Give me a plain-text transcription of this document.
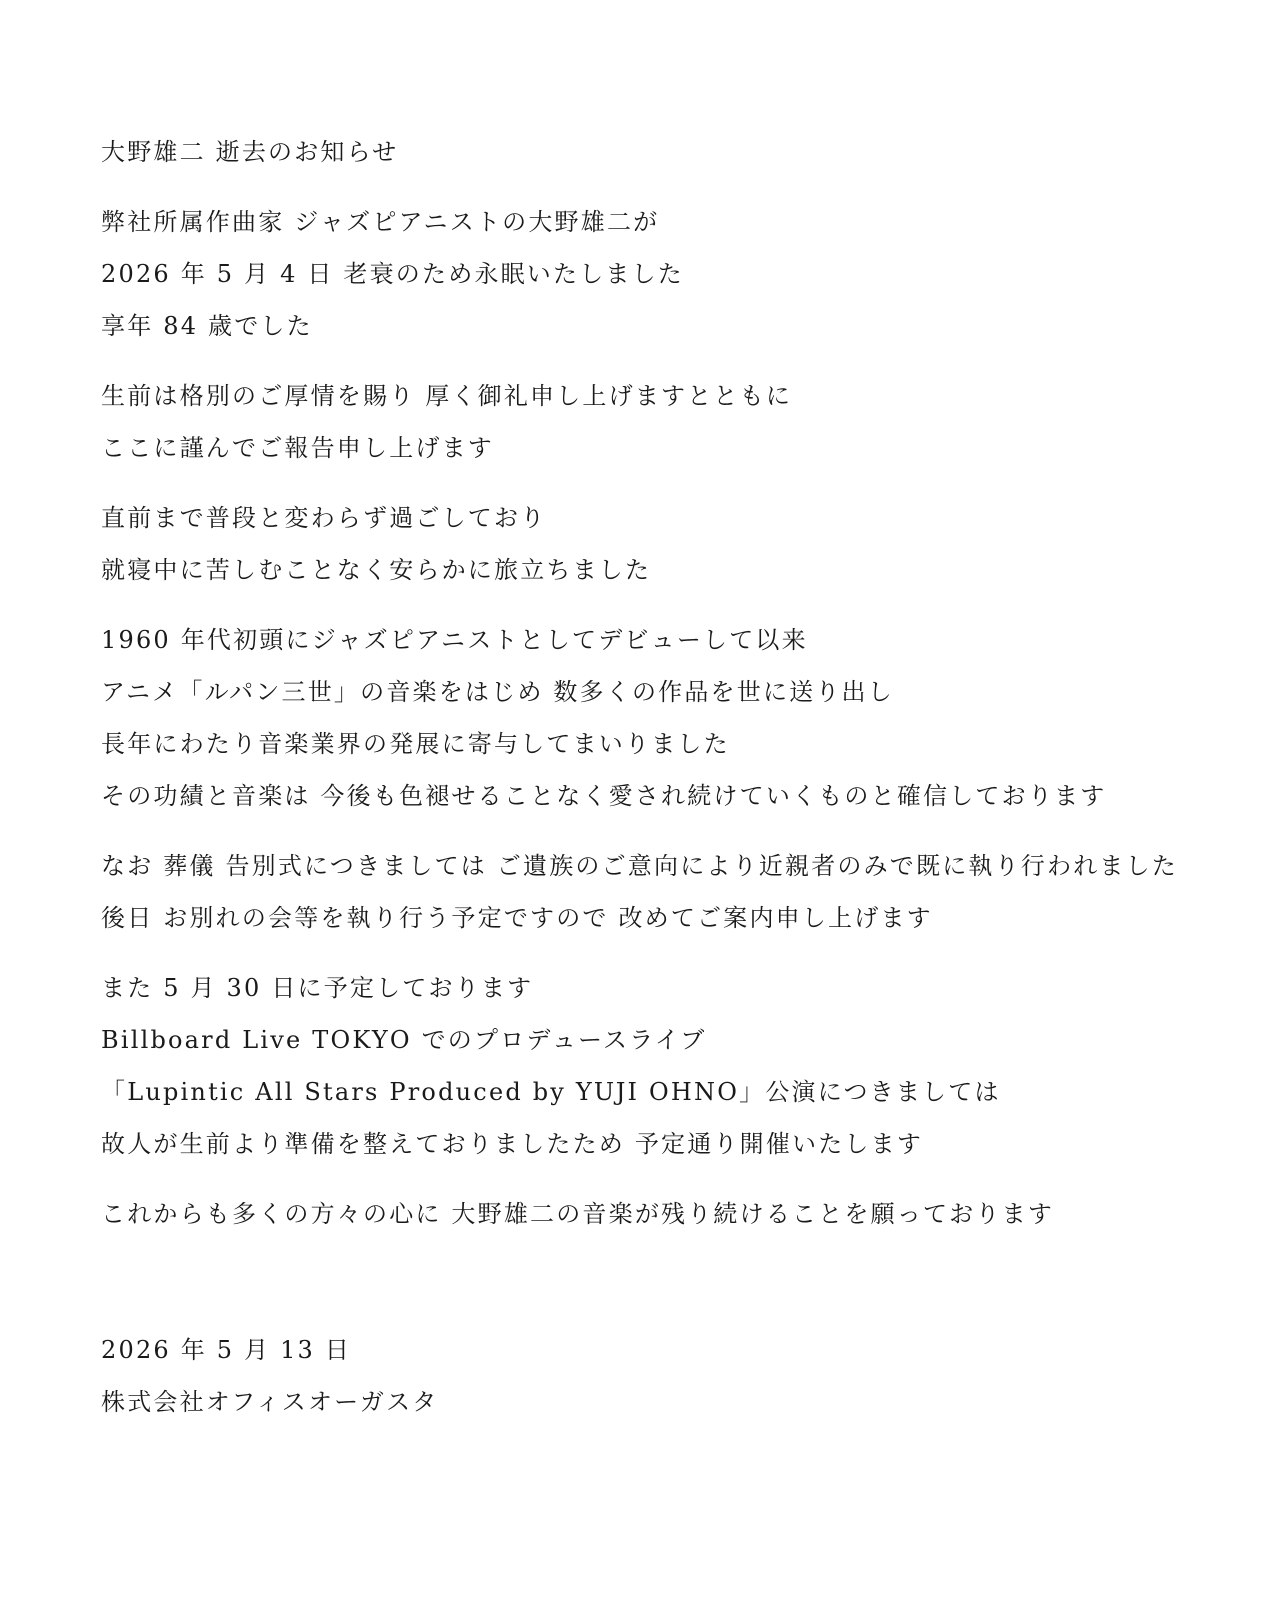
大野雄二 逝去のお知らせ
弊社所属作曲家 ジャズピアニストの大野雄二が
2026 年 5 月 4 日 老衰のため永眠いたしました
享年 84 歳でした
生前は格別のご厚情を賜り 厚く御礼申し上げますとともに
ここに謹んでご報告申し上げます
直前まで普段と変わらず過ごしており
就寝中に苦しむことなく安らかに旅立ちました
1960 年代初頭にジャズピアニストとしてデビューして以来
アニメ「ルパン三世」の音楽をはじめ 数多くの作品を世に送り出し
長年にわたり音楽業界の発展に寄与してまいりました
その功績と音楽は 今後も色褪せることなく愛され続けていくものと確信しております
なお 葬儀 告別式につきましては ご遺族のご意向により近親者のみで既に執り行われました
後日 お別れの会等を執り行う予定ですので 改めてご案内申し上げます
また 5 月 30 日に予定しております
Billboard Live TOKYO でのプロデュースライブ
「Lupintic All Stars Produced by YUJI OHNO」公演につきましては
故人が生前より準備を整えておりましたため 予定通り開催いたします
これからも多くの方々の心に 大野雄二の音楽が残り続けることを願っております
2026 年 5 月 13 日
株式会社オフィスオーガスタ
